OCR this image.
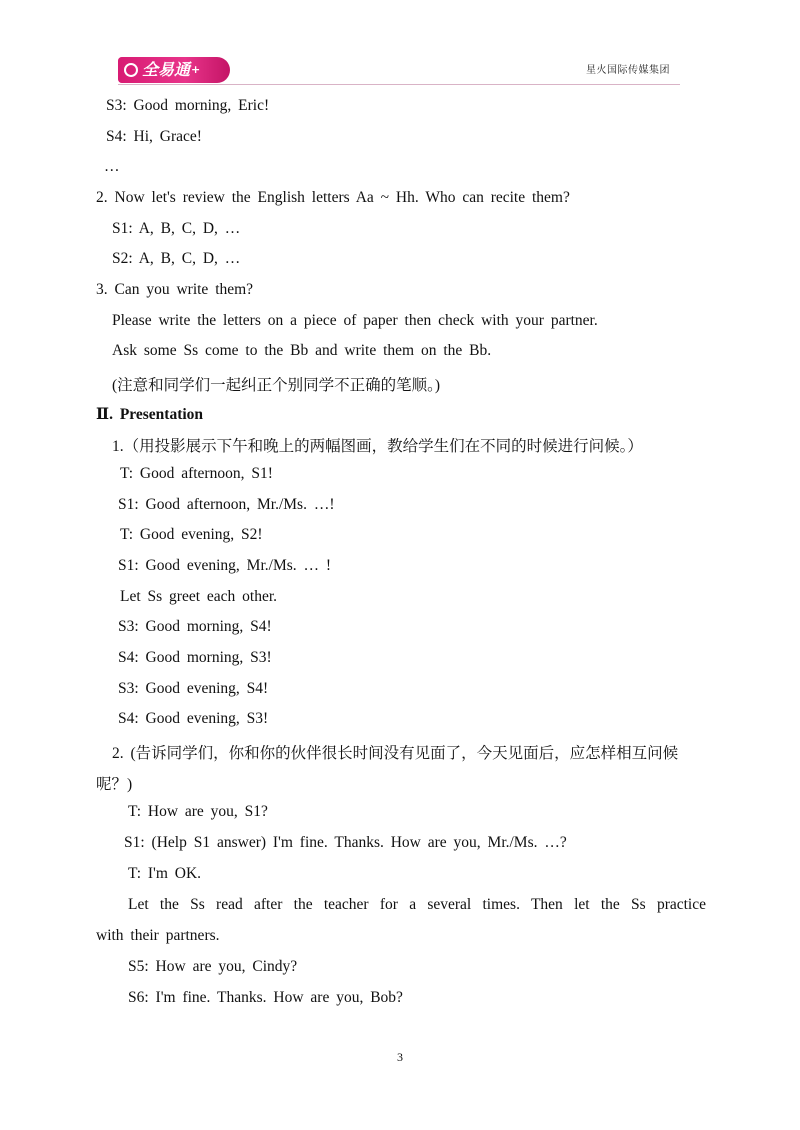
全易通+	星火国际传媒集团
S3: Good morning, Eric!
S4: Hi, Grace!
…
2. Now let's review the English letters Aa ~ Hh. Who can recite them?
S1: A, B, C, D, …
S2: A, B, C, D, …
3. Can you write them?
Please write the letters on a piece of paper then check with your partner.
Ask some Ss come to the Bb and write them on the Bb.
(注意和同学们一起纠正个别同学不正确的笔顺。)
Ⅱ. Presentation
1.（用投影展示下午和晚上的两幅图画，教给学生们在不同的时候进行问候。）
T: Good afternoon, S1!
S1: Good afternoon, Mr./Ms. …!
T: Good evening, S2!
S1: Good evening, Mr./Ms. … !
Let Ss greet each other.
S3: Good morning, S4!
S4: Good morning, S3!
S3: Good evening, S4!
S4: Good evening, S3!
2. (告诉同学们，你和你的伙伴很长时间没有见面了，今天见面后，应怎样相互问候
呢？)
T: How are you, S1?
S1: (Help S1 answer) I'm fine. Thanks. How are you, Mr./Ms. …?
T: I'm OK.
Let the Ss read after the teacher for a several times. Then let the Ss practice
with their partners.
S5: How are you, Cindy?
S6: I'm fine. Thanks. How are you, Bob?
3
